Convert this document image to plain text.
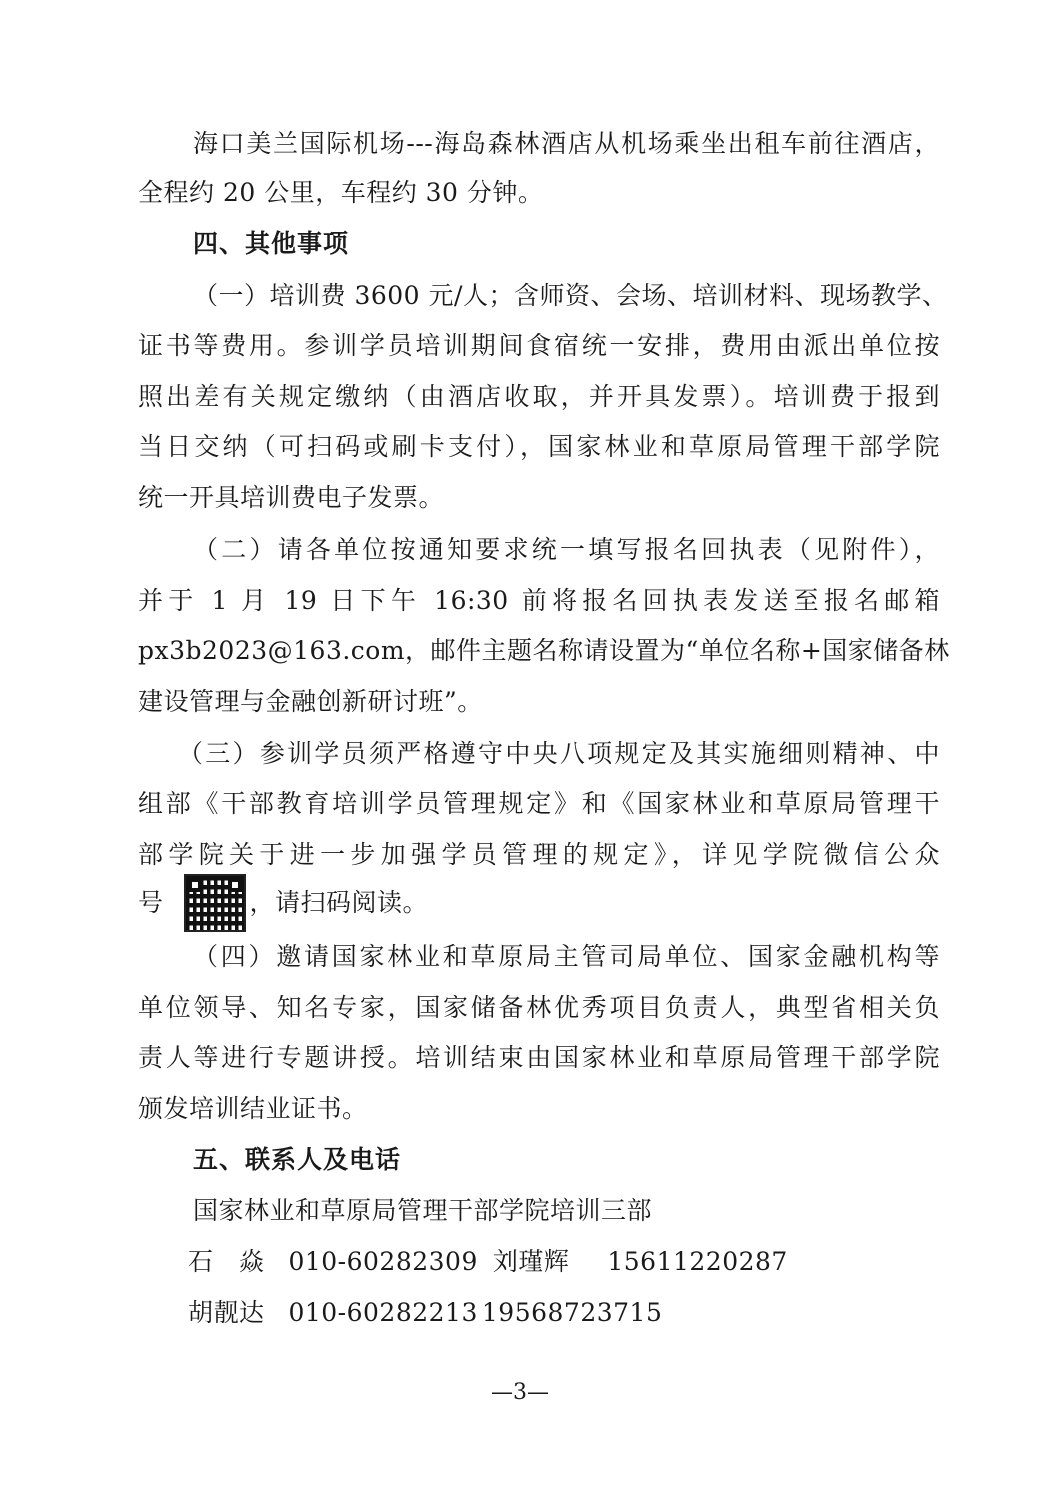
海口美兰国际机场---海岛森林酒店从机场乘坐出租车前往酒店，
全程约 20 公里，车程约 30 分钟。
四、其他事项
（一）培训费 3600 元/人；含师资、会场、培训材料、现场教学、
证书等费用。参训学员培训期间食宿统一安排，费用由派出单位按
照出差有关规定缴纳（由酒店收取，并开具发票）。培训费于报到
当日交纳（可扫码或刷卡支付），国家林业和草原局管理干部学院
统一开具培训费电子发票。
（二）请各单位按通知要求统一填写报名回执表（见附件），
并于 1 月 19 日下午 16:30 前将报名回执表发送至报名邮箱
px3b2023@163.com，邮件主题名称请设置为“单位名称+国家储备林
建设管理与金融创新研讨班”。
（三）参训学员须严格遵守中央八项规定及其实施细则精神、中
组部《干部教育培训学员管理规定》和《国家林业和草原局管理干
部学院关于进一步加强学员管理的规定》，详见学院微信公众
号	，请扫码阅读。
（四）邀请国家林业和草原局主管司局单位、国家金融机构等
单位领导、知名专家，国家储备林优秀项目负责人，典型省相关负
责人等进行专题讲授。培训结束由国家林业和草原局管理干部学院
颁发培训结业证书。
五、联系人及电话
国家林业和草原局管理干部学院培训三部
石　焱 010-60282309 刘瑾辉 15611220287
胡靓达 010-60282213 19568723715
—3—
